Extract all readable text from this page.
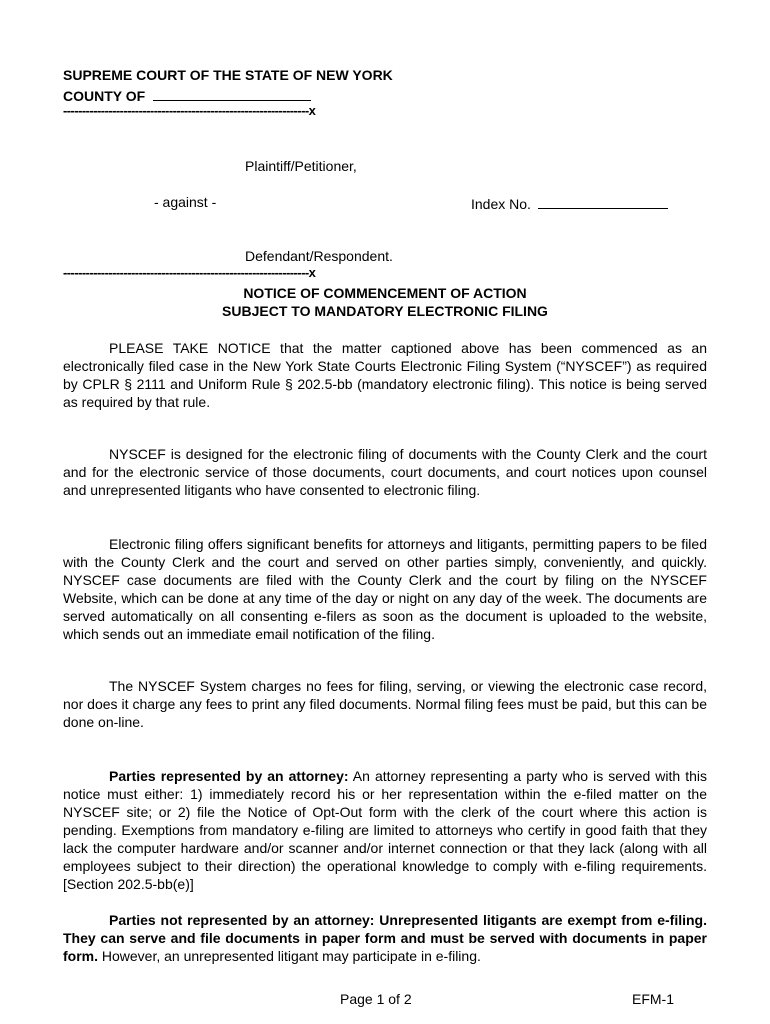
SUPREME COURT OF THE STATE OF NEW YORK
COUNTY OF
-----------------------------------------------------------------x
Plaintiff/Petitioner,
- against -	Index No.
Defendant/Respondent.
-----------------------------------------------------------------x
NOTICE OF COMMENCEMENT OF ACTION
SUBJECT TO MANDATORY ELECTRONIC FILING

PLEASE TAKE NOTICE that the matter captioned above has been commenced as an electronically filed case in the New York State Courts Electronic Filing System (“NYSCEF”) as required by CPLR § 2111 and Uniform Rule § 202.5-bb (mandatory electronic filing). This notice is being served as required by that rule.

NYSCEF is designed for the electronic filing of documents with the County Clerk and the court and for the electronic service of those documents, court documents, and court notices upon counsel and unrepresented litigants who have consented to electronic filing.

Electronic filing offers significant benefits for attorneys and litigants, permitting papers to be filed with the County Clerk and the court and served on other parties simply, conveniently, and quickly. NYSCEF case documents are filed with the County Clerk and the court by filing on the NYSCEF Website, which can be done at any time of the day or night on any day of the week. The documents are served automatically on all consenting e-filers as soon as the document is uploaded to the website, which sends out an immediate email notification of the filing.

The NYSCEF System charges no fees for filing, serving, or viewing the electronic case record, nor does it charge any fees to print any filed documents. Normal filing fees must be paid, but this can be done on-line.

Parties represented by an attorney: An attorney representing a party who is served with this notice must either: 1) immediately record his or her representation within the e-filed matter on the NYSCEF site; or 2) file the Notice of Opt-Out form with the clerk of the court where this action is pending. Exemptions from mandatory e-filing are limited to attorneys who certify in good faith that they lack the computer hardware and/or scanner and/or internet connection or that they lack (along with all employees subject to their direction) the operational knowledge to comply with e-filing requirements. [Section 202.5-bb(e)]

Parties not represented by an attorney: Unrepresented litigants are exempt from e-filing. They can serve and file documents in paper form and must be served with documents in paper form. However, an unrepresented litigant may participate in e-filing.

Page 1 of 2	EFM-1
